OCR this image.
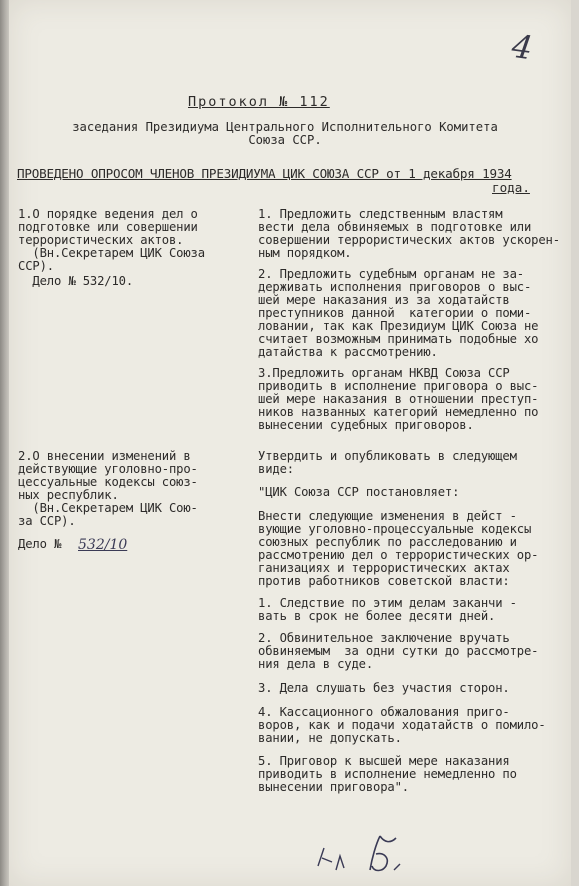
4
Протокол № 112
заседания Президиума Центрального Исполнительного Комитета
Союза ССР.
ПРОВЕДЕНО ОПРОСОМ ЧЛЕНОВ ПРЕЗИДИУМА ЦИК СОЮЗА ССР от 1 декабря 1934
года.
1.О порядке ведения дел о
подготовке или совершении
террористических актов.
(Вн.Секретарем ЦИК Союза
ССР).
Дело № 532/10.
1. Предложить следственным властям
вести дела обвиняемых в подготовке или
совершении террористических актов ускорен-
ным порядком.
2. Предложить судебным органам не за-
держивать исполнения приговоров о выс-
шей мере наказания из за ходатайств
преступников данной  категории о поми-
ловании, так как Президиум ЦИК Союза не
считает возможным принимать подобные хо
датайства к рассмотрению.
3.Предложить органам НКВД Союза ССР
приводить в исполнение приговора о выс-
шей мере наказания в отношении преступ-
ников названных категорий немедленно по
вынесении судебных приговоров.
2.О внесении изменений в
действующие уголовно-про-
цессуальные кодексы союз-
ных республик.
(Вн.Секретарем ЦИК Сою-
за ССР).
Дело № 532/10
Утвердить и опубликовать в следующем
виде:
"ЦИК Союза ССР постановляет:
Внести следующие изменения в дейст -
вующие уголовно-процессуальные кодексы
союзных республик по расследованию и
рассмотрению дел о террористических ор-
ганизациях и террористических актах
против работников советской власти:
1. Следствие по этим делам заканчи -
вать в срок не более десяти дней.
2. Обвинительное заключение вручать
обвиняемым  за одни сутки до рассмотре-
ния дела в суде.
3. Дела слушать без участия сторон.
4. Кассационного обжалования приго-
воров, как и подачи ходатайств о помило-
вании, не допускать.
5. Приговор к высшей мере наказания
приводить в исполнение немедленно по
вынесении приговора".
